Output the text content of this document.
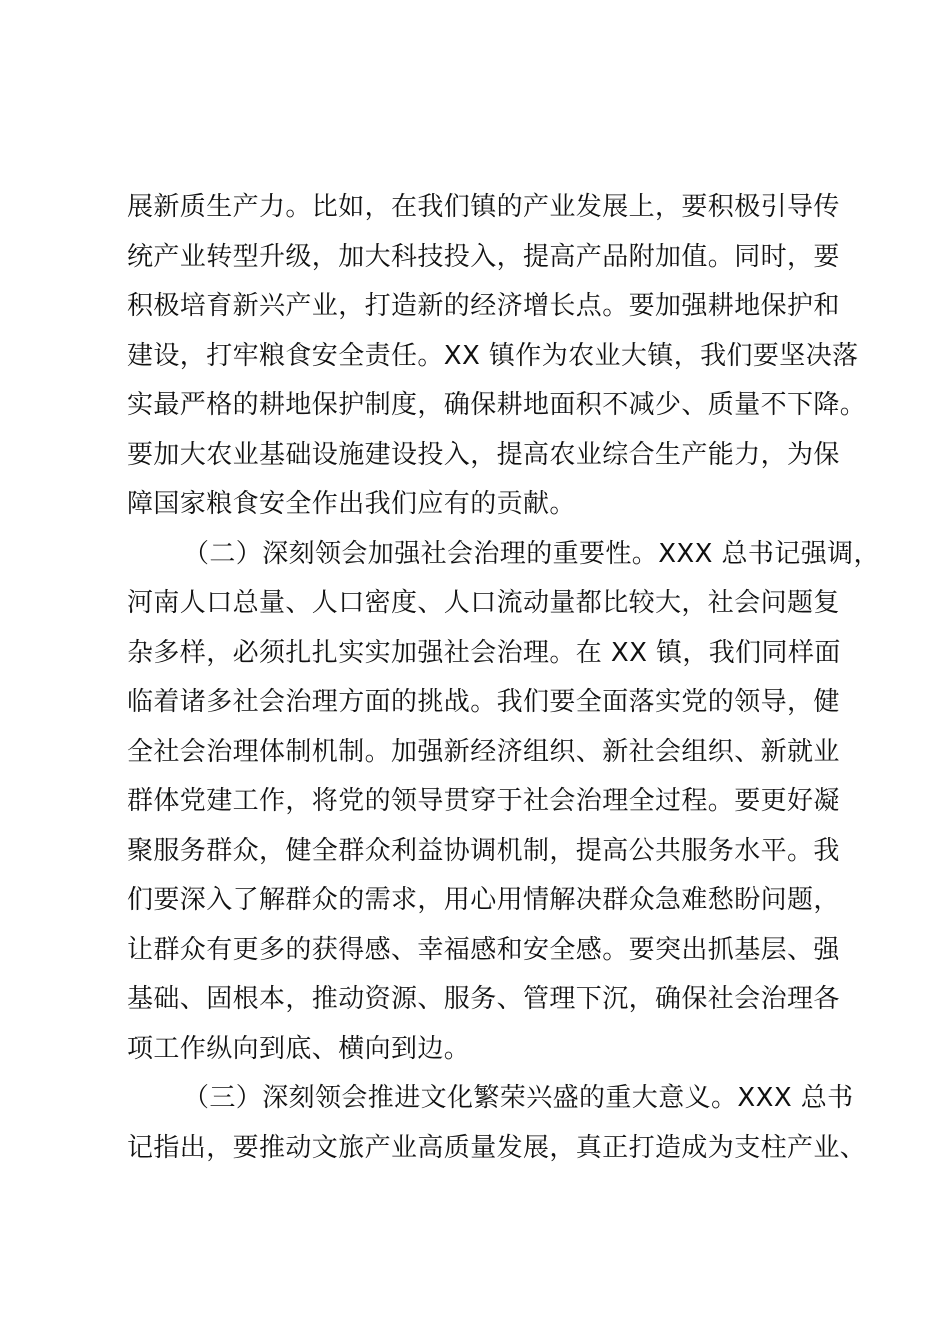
展新质生产力。比如，在我们镇的产业发展上，要积极引导传
统产业转型升级，加大科技投入，提高产品附加值。同时，要
积极培育新兴产业，打造新的经济增长点。要加强耕地保护和
建设，打牢粮食安全责任。XX 镇作为农业大镇，我们要坚决落
实最严格的耕地保护制度，确保耕地面积不减少、质量不下降。
要加大农业基础设施建设投入，提高农业综合生产能力，为保
障国家粮食安全作出我们应有的贡献。
（二）深刻领会加强社会治理的重要性。XXX 总书记强调，
河南人口总量、人口密度、人口流动量都比较大，社会问题复
杂多样，必须扎扎实实加强社会治理。在 XX 镇，我们同样面
临着诸多社会治理方面的挑战。我们要全面落实党的领导，健
全社会治理体制机制。加强新经济组织、新社会组织、新就业
群体党建工作，将党的领导贯穿于社会治理全过程。要更好凝
聚服务群众，健全群众利益协调机制，提高公共服务水平。我
们要深入了解群众的需求，用心用情解决群众急难愁盼问题，
让群众有更多的获得感、幸福感和安全感。要突出抓基层、强
基础、固根本，推动资源、服务、管理下沉，确保社会治理各
项工作纵向到底、横向到边。
（三）深刻领会推进文化繁荣兴盛的重大意义。XXX 总书
记指出，要推动文旅产业高质量发展，真正打造成为支柱产业、
